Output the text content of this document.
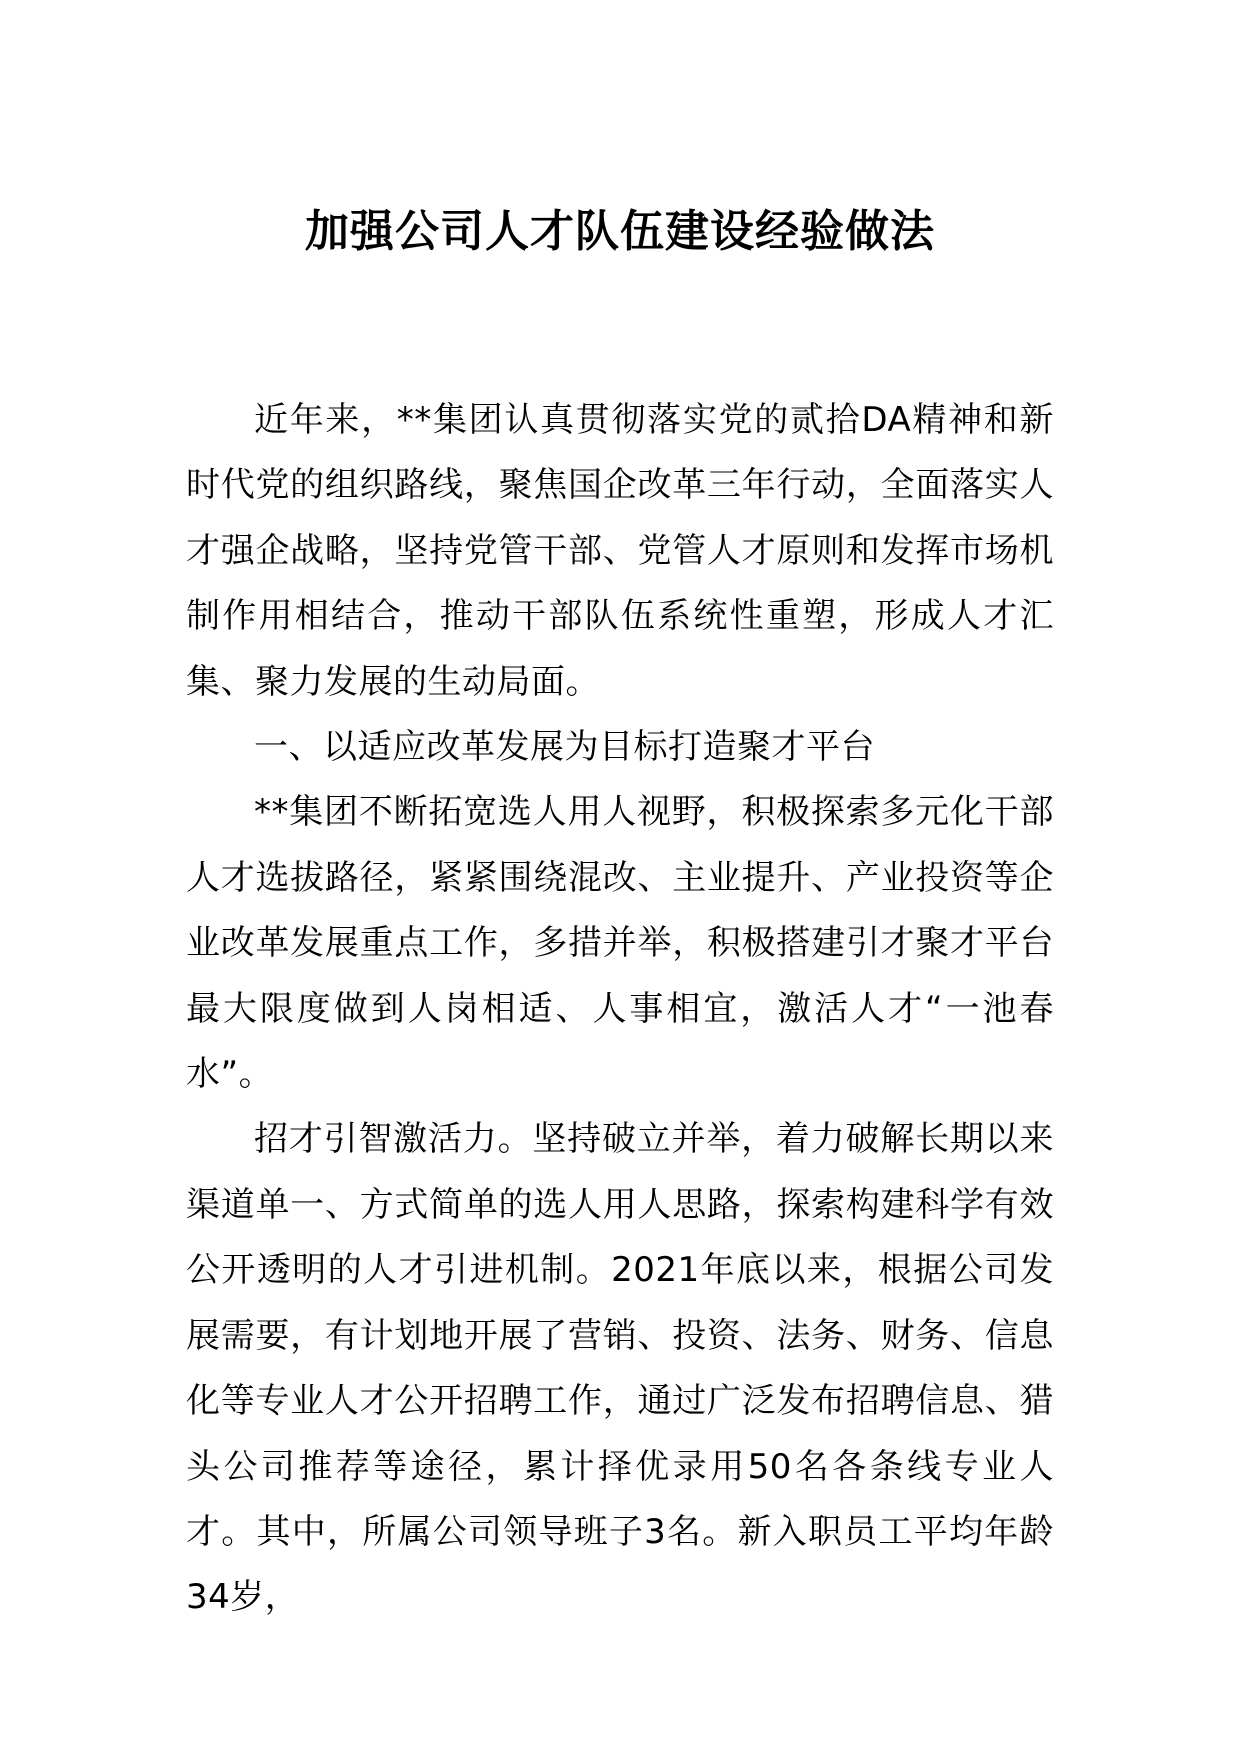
加强公司人才队伍建设经验做法

近年来，**集团认真贯彻落实党的贰拾DA精神和新时代党的组织路线，聚焦国企改革三年行动，全面落实人才强企战略，坚持党管干部、党管人才原则和发挥市场机制作用相结合，推动干部队伍系统性重塑，形成人才汇集、聚力发展的生动局面。

一、以适应改革发展为目标打造聚才平台

**集团不断拓宽选人用人视野，积极探索多元化干部人才选拔路径，紧紧围绕混改、主业提升、产业投资等企业改革发展重点工作，多措并举，积极搭建引才聚才平台最大限度做到人岗相适、人事相宜，激活人才“一池春水”。

招才引智激活力。坚持破立并举，着力破解长期以来渠道单一、方式简单的选人用人思路，探索构建科学有效公开透明的人才引进机制。2021年底以来，根据公司发展需要，有计划地开展了营销、投资、法务、财务、信息化等专业人才公开招聘工作，通过广泛发布招聘信息、猎头公司推荐等途径，累计择优录用50名各条线专业人才。其中，所属公司领导班子3名。新入职员工平均年龄34岁，
